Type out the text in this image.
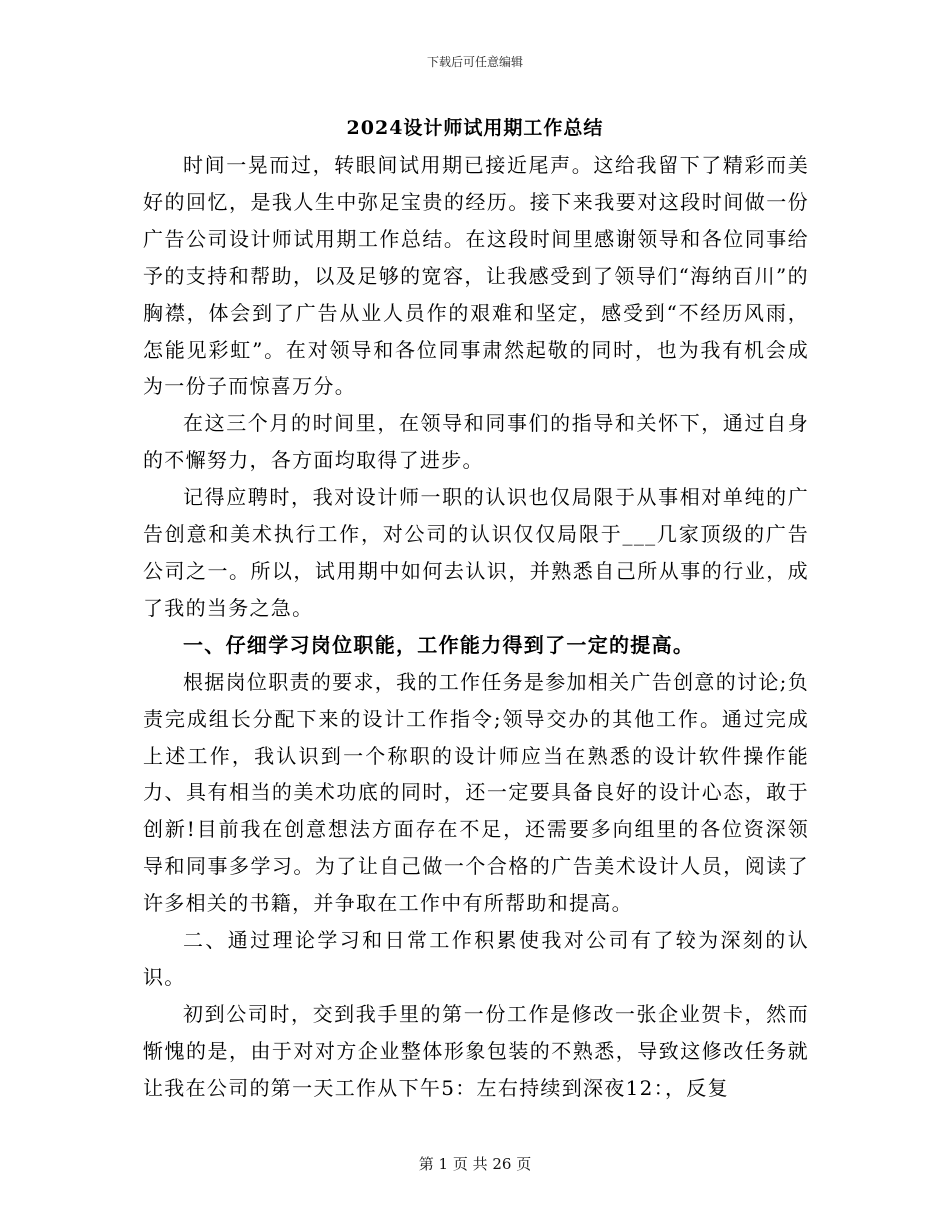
下载后可任意编辑
2024设计师试用期工作总结

时间一晃而过，转眼间试用期已接近尾声。这给我留下了精彩而美好的回忆，是我人生中弥足宝贵的经历。接下来我要对这段时间做一份广告公司设计师试用期工作总结。在这段时间里感谢领导和各位同事给予的支持和帮助，以及足够的宽容，让我感受到了领导们“海纳百川”的胸襟，体会到了广告从业人员作的艰难和坚定，感受到“不经历风雨，怎能见彩虹”。在对领导和各位同事肃然起敬的同时，也为我有机会成为一份子而惊喜万分。

在这三个月的时间里，在领导和同事们的指导和关怀下，通过自身的不懈努力，各方面均取得了进步。

记得应聘时，我对设计师一职的认识也仅局限于从事相对单纯的广告创意和美术执行工作，对公司的认识仅仅局限于___几家顶级的广告公司之一。所以，试用期中如何去认识，并熟悉自己所从事的行业，成了我的当务之急。

一、仔细学习岗位职能，工作能力得到了一定的提高。

根据岗位职责的要求，我的工作任务是参加相关广告创意的讨论;负责完成组长分配下来的设计工作指令;领导交办的其他工作。通过完成上述工作，我认识到一个称职的设计师应当在熟悉的设计软件操作能力、具有相当的美术功底的同时，还一定要具备良好的设计心态，敢于创新!目前我在创意想法方面存在不足，还需要多向组里的各位资深领导和同事多学习。为了让自己做一个合格的广告美术设计人员，阅读了许多相关的书籍，并争取在工作中有所帮助和提高。

二、通过理论学习和日常工作积累使我对公司有了较为深刻的认识。

初到公司时，交到我手里的第一份工作是修改一张企业贺卡，然而惭愧的是，由于对对方企业整体形象包装的不熟悉，导致这修改任务就让我在公司的第一天工作从下午5：左右持续到深夜12：，反复

第 1 页 共 26 页
